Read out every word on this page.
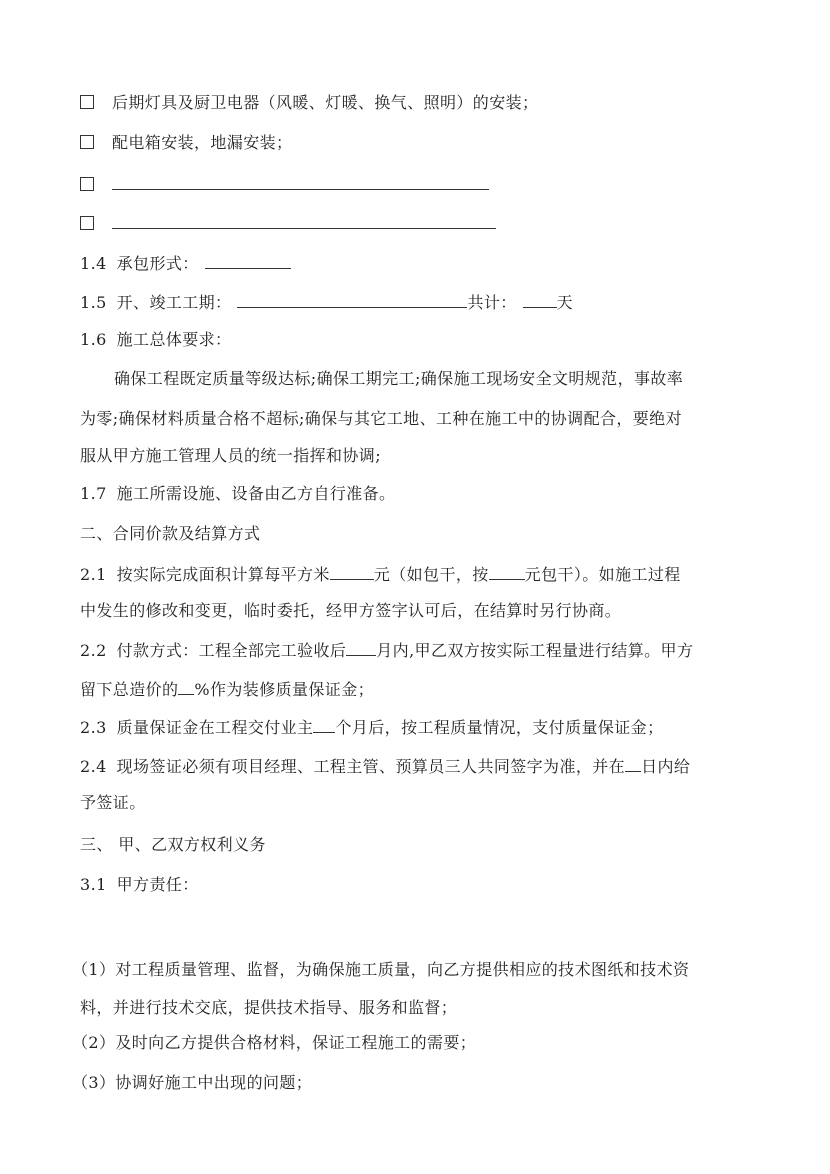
后期灯具及厨卫电器（风暖、灯暖、换气、照明）的安装；
配电箱安装，地漏安装；
1.4 承包形式：
1.5 开、竣工工期：	共计：	天
1.6 施工总体要求：
确保工程既定质量等级达标;确保工期完工;确保施工现场安全文明规范，事故率
为零;确保材料质量合格不超标;确保与其它工地、工种在施工中的协调配合，要绝对
服从甲方施工管理人员的统一指挥和协调;
1.7 施工所需设施、设备由乙方自行准备。
二、合同价款及结算方式
2.1 按实际完成面积计算每平方米	元（如包干，按 元包干）。如施工过程
中发生的修改和变更，临时委托，经甲方签字认可后，在结算时另行协商。
2.2 付款方式：工程全部完工验收后 月内,甲乙双方按实际工程量进行结算。甲方
留下总造价的 %作为装修质量保证金；
2.3 质量保证金在工程交付业主 个月后，按工程质量情况，支付质量保证金；
2.4 现场签证必须有项目经理、工程主管、预算员三人共同签字为准，并在 日内给
予签证。
三、 甲、乙双方权利义务
3.1 甲方责任：
（1）对工程质量管理、监督，为确保施工质量，向乙方提供相应的技术图纸和技术资
料，并进行技术交底，提供技术指导、服务和监督；
（2）及时向乙方提供合格材料，保证工程施工的需要；
（3）协调好施工中出现的问题；
